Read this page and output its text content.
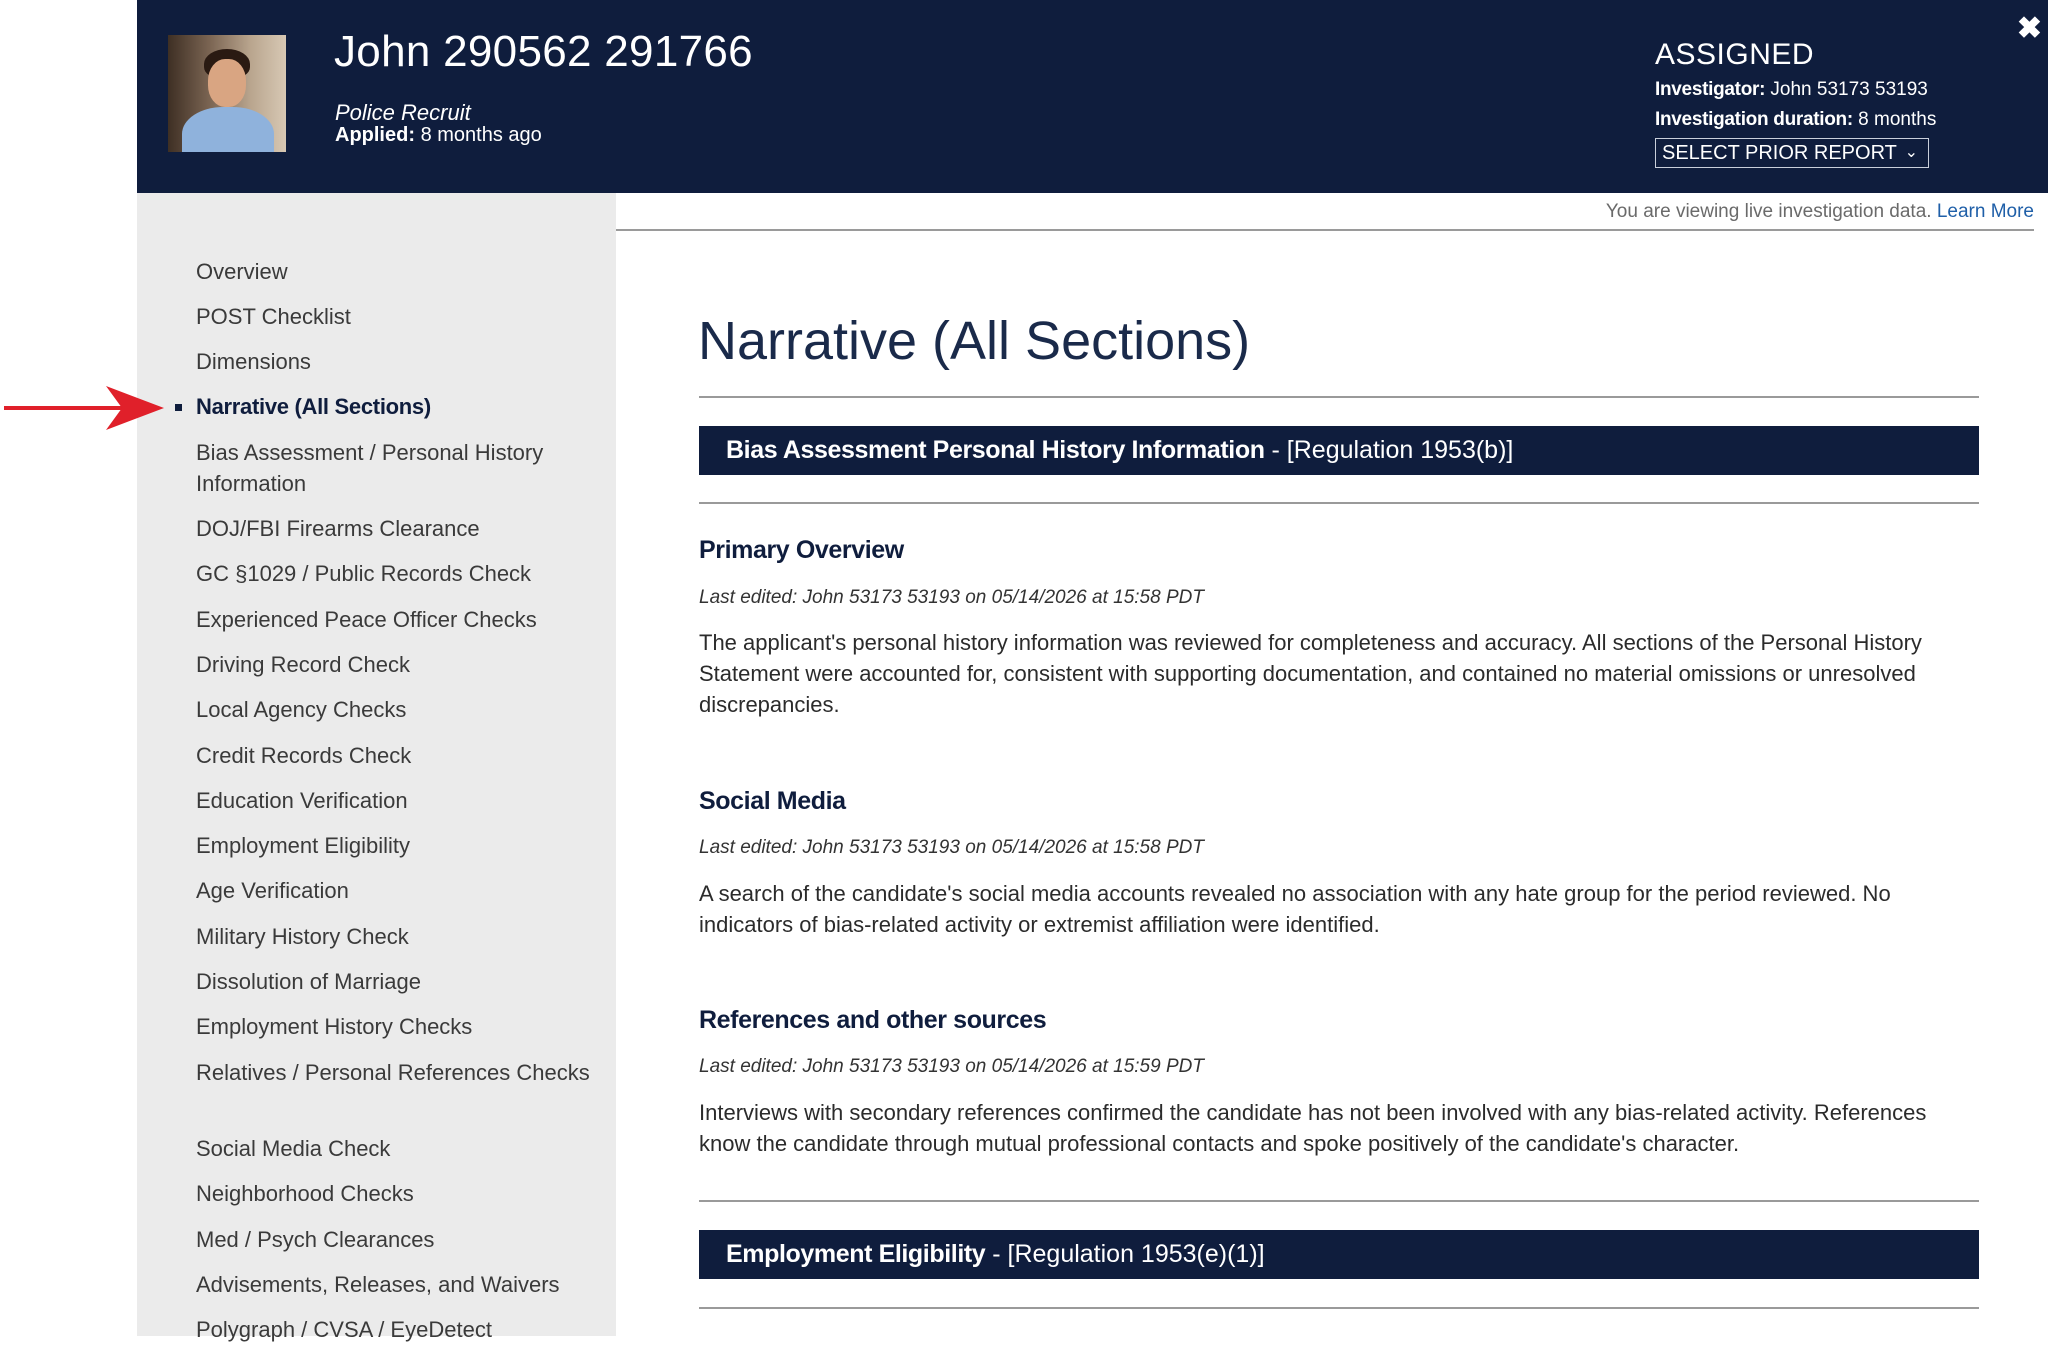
John 290562 291766
Police Recruit
Applied: 8 months ago
ASSIGNED
Investigator: John 53173 53193
Investigation duration: 8 months
SELECT PRIOR REPORT ⌄
✖
Overview
POST Checklist
Dimensions
Narrative (All Sections)
Bias Assessment / Personal History Information
DOJ/FBI Firearms Clearance
GC §1029 / Public Records Check
Experienced Peace Officer Checks
Driving Record Check
Local Agency Checks
Credit Records Check
Education Verification
Employment Eligibility
Age Verification
Military History Check
Dissolution of Marriage
Employment History Checks
Relatives / Personal References Checks
Social Media Check
Neighborhood Checks
Med / Psych Clearances
Advisements, Releases, and Waivers
Polygraph / CVSA / EyeDetect
You are viewing live investigation data. Learn More
Narrative (All Sections)
Bias Assessment Personal History Information - [Regulation 1953(b)]
Primary Overview
Last edited: John 53173 53193 on 05/14/2026 at 15:58 PDT
The applicant's personal history information was reviewed for completeness and accuracy. All sections of the Personal History Statement were accounted for, consistent with supporting documentation, and contained no material omissions or unresolved discrepancies.
Social Media
Last edited: John 53173 53193 on 05/14/2026 at 15:58 PDT
A search of the candidate's social media accounts revealed no association with any hate group for the period reviewed. No indicators of bias-related activity or extremist affiliation were identified.
References and other sources
Last edited: John 53173 53193 on 05/14/2026 at 15:59 PDT
Interviews with secondary references confirmed the candidate has not been involved with any bias-related activity. References know the candidate through mutual professional contacts and spoke positively of the candidate's character.
Employment Eligibility - [Regulation 1953(e)(1)]
